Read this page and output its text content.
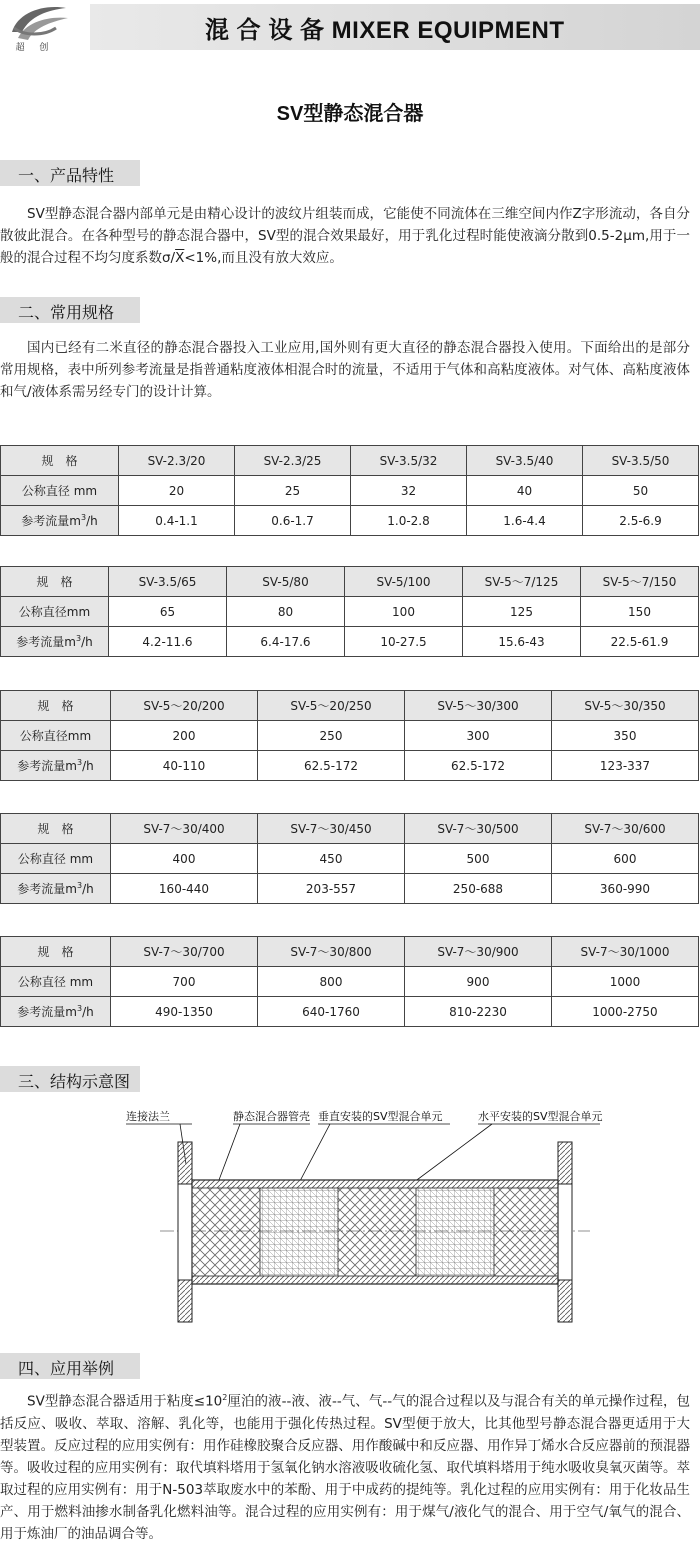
超 创
混 合 设 备 MIXER EQUIPMENT
SV型静态混合器
一、产品特性

SV型静态混合器内部单元是由精心设计的波纹片组装而成，它能使不同流体在三维空间内作Z字形流动，各自分散彼此混合。在各种型号的静态混合器中，SV型的混合效果最好，用于乳化过程时能使液滴分散到0.5-2μm,用于一般的混合过程不均匀度系数$\sigma/\overline{X}<1\%$,而且没有放大效应。

二、常用规格

国内已经有二米直径的静态混合器投入工业应用,国外则有更大直径的静态混合器投入使用。下面给出的是部分常用规格，表中所列参考流量是指普通粘度液体相混合时的流量，不适用于气体和高粘度液体。对气体、高粘度液体和气/液体系需另经专门的设计计算。

规　格	SV-2.3/20	SV-2.3/25	SV-3.5/32	SV-3.5/40	SV-3.5/50
公称直径 mm	20	25	32	40	50
参考流量$m^3/h$	0.4-1.1	0.6-1.7	1.0-2.8	1.6-4.4	2.5-6.9
规　格	SV-3.5/65	SV-5/80	SV-5/100	SV-5～7/125	SV-5～7/150
公称直径mm	65	80	100	125	150
参考流量$m^3/h$	4.2-11.6	6.4-17.6	10-27.5	15.6-43	22.5-61.9
规　格	SV-5～20/200	SV-5～20/250	SV-5～30/300	SV-5～30/350
公称直径mm	200	250	300	350
参考流量$m^3/h$	40-110	62.5-172	62.5-172	123-337
规　格	SV-7～30/400	SV-7～30/450	SV-7～30/500	SV-7～30/600
公称直径 mm	400	450	500	600
参考流量$m^3/h$	160-440	203-557	250-688	360-990
规　格	SV-7～30/700	SV-7～30/800	SV-7～30/900	SV-7～30/1000
公称直径 mm	700	800	900	1000
参考流量$m^3/h$	490-1350	640-1760	810-2230	1000-2750
三、结构示意图
连接法兰	静态混合器管壳 垂直安装的SV型混合单元	水平安装的SV型混合单元
四、应用举例

SV型静态混合器适用于粘度$\le 10^2$厘泊的液--液、液--气、气--气的混合过程以及与混合有关的单元操作过程，包括反应、吸收、萃取、溶解、乳化等，也能用于强化传热过程。SV型便于放大，比其他型号静态混合器更适用于大型装置。反应过程的应用实例有：用作硅橡胶聚合反应器、用作酸碱中和反应器、用作异丁烯水合反应器前的预混器等。吸收过程的应用实例有：取代填料塔用于氢氧化钠水溶液吸收硫化氢、取代填料塔用于纯水吸收臭氧灭菌等。萃取过程的应用实例有：用于N-503萃取废水中的苯酚、用于中成药的提纯等。乳化过程的应用实例有：用于化妆品生产、用于燃料油掺水制备乳化燃料油等。混合过程的应用实例有：用于煤气/液化气的混合、用于空气/氧气的混合、用于炼油厂的油品调合等。
